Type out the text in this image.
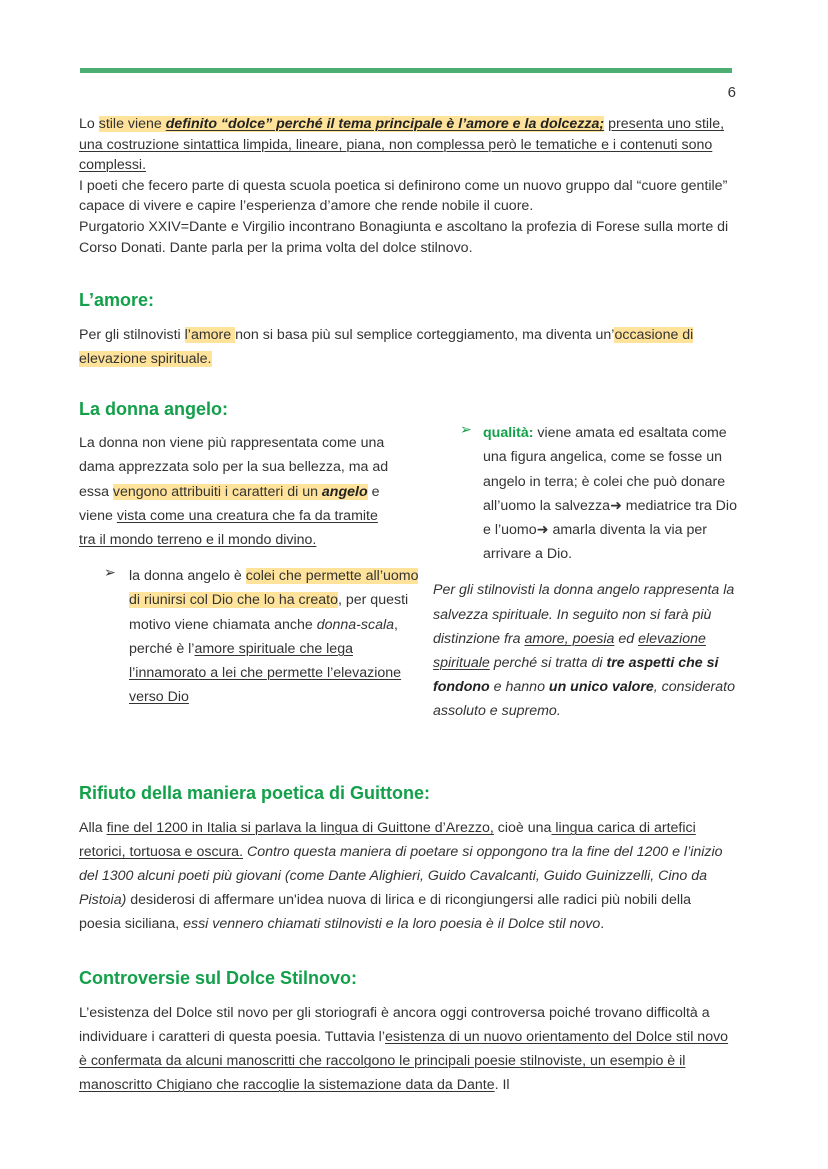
6

Lo stile viene definito “dolce” perché il tema principale è l’amore e la dolcezza; presenta uno stile, una costruzione sintattica limpida, lineare, piana, non complessa però le tematiche e i contenuti sono complessi.

I poeti che fecero parte di questa scuola poetica si definirono come un nuovo gruppo dal “cuore gentile” capace di vivere e capire l’esperienza d’amore che rende nobile il cuore.

Purgatorio XXIV=Dante e Virgilio incontrano Bonagiunta e ascoltano la profezia di Forese sulla morte di Corso Donati. Dante parla per la prima volta del dolce stilnovo.

L’amore:

Per gli stilnovisti l’amore non si basa più sul semplice corteggiamento, ma diventa un’occasione di elevazione spirituale.

La donna angelo:

La donna non viene più rappresentata come una dama apprezzata solo per la sua bellezza, ma ad essa vengono attribuiti i caratteri di un angelo e viene vista come una creatura che fa da tramite tra il mondo terreno e il mondo divino.

➢ la donna angelo è colei che permette all’uomo di riunirsi col Dio che lo ha creato, per questi motivo viene chiamata anche donna-scala, perché è l’amore spirituale che lega l’innamorato a lei che permette l’elevazione verso Dio

➢ qualità: viene amata ed esaltata come una figura angelica, come se fosse un angelo in terra; è colei che può donare all’uomo la salvezza➜ mediatrice tra Dio e l’uomo➜ amarla diventa la via per arrivare a Dio.

Per gli stilnovisti la donna angelo rappresenta la salvezza spirituale. In seguito non si farà più distinzione fra amore, poesia ed elevazione spirituale perché si tratta di tre aspetti che si fondono e hanno un unico valore, considerato assoluto e supremo.

Rifiuto della maniera poetica di Guittone:

Alla fine del 1200 in Italia si parlava la lingua di Guittone d’Arezzo, cioè una lingua carica di artefici retorici, tortuosa e oscura. Contro questa maniera di poetare si oppongono tra la fine del 1200 e l’inizio del 1300 alcuni poeti più giovani (come Dante Alighieri, Guido Cavalcanti, Guido Guinizzelli, Cino da Pistoia) desiderosi di affermare un'idea nuova di lirica e di ricongiungersi alle radici più nobili della poesia siciliana, essi vennero chiamati stilnovisti e la loro poesia è il Dolce stil novo.

Controversie sul Dolce Stilnovo:

L’esistenza del Dolce stil novo per gli storiografi è ancora oggi controversa poiché trovano difficoltà a individuare i caratteri di questa poesia. Tuttavia l’esistenza di un nuovo orientamento del Dolce stil novo è confermata da alcuni manoscritti che raccolgono le principali poesie stilnoviste, un esempio è il manoscritto Chigiano che raccoglie la sistemazione data da Dante. Il
